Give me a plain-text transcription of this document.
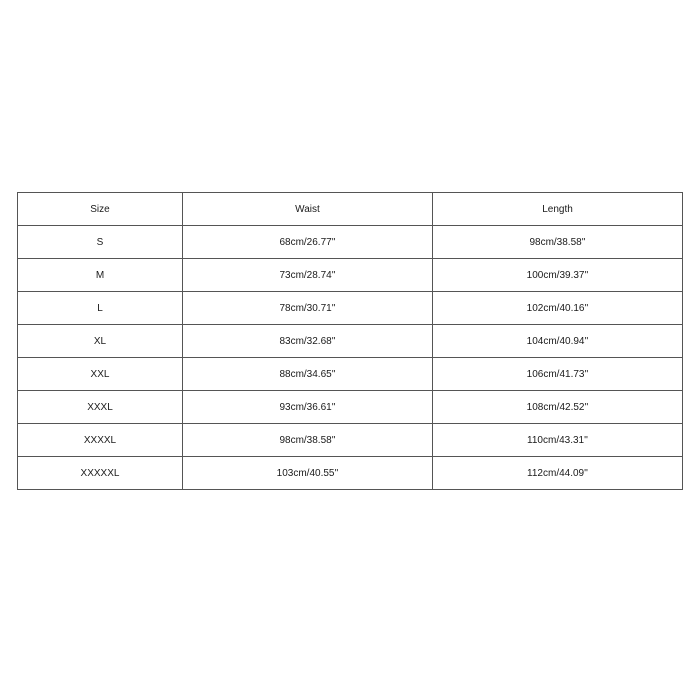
Size	Waist	Length
S	68cm/26.77''	98cm/38.58''
M	73cm/28.74''	100cm/39.37''
L	78cm/30.71''	102cm/40.16''
XL	83cm/32.68''	104cm/40.94''
XXL	88cm/34.65''	106cm/41.73''
XXXL	93cm/36.61''	108cm/42.52''
XXXXL	98cm/38.58''	110cm/43.31''
XXXXXL	103cm/40.55''	112cm/44.09''
